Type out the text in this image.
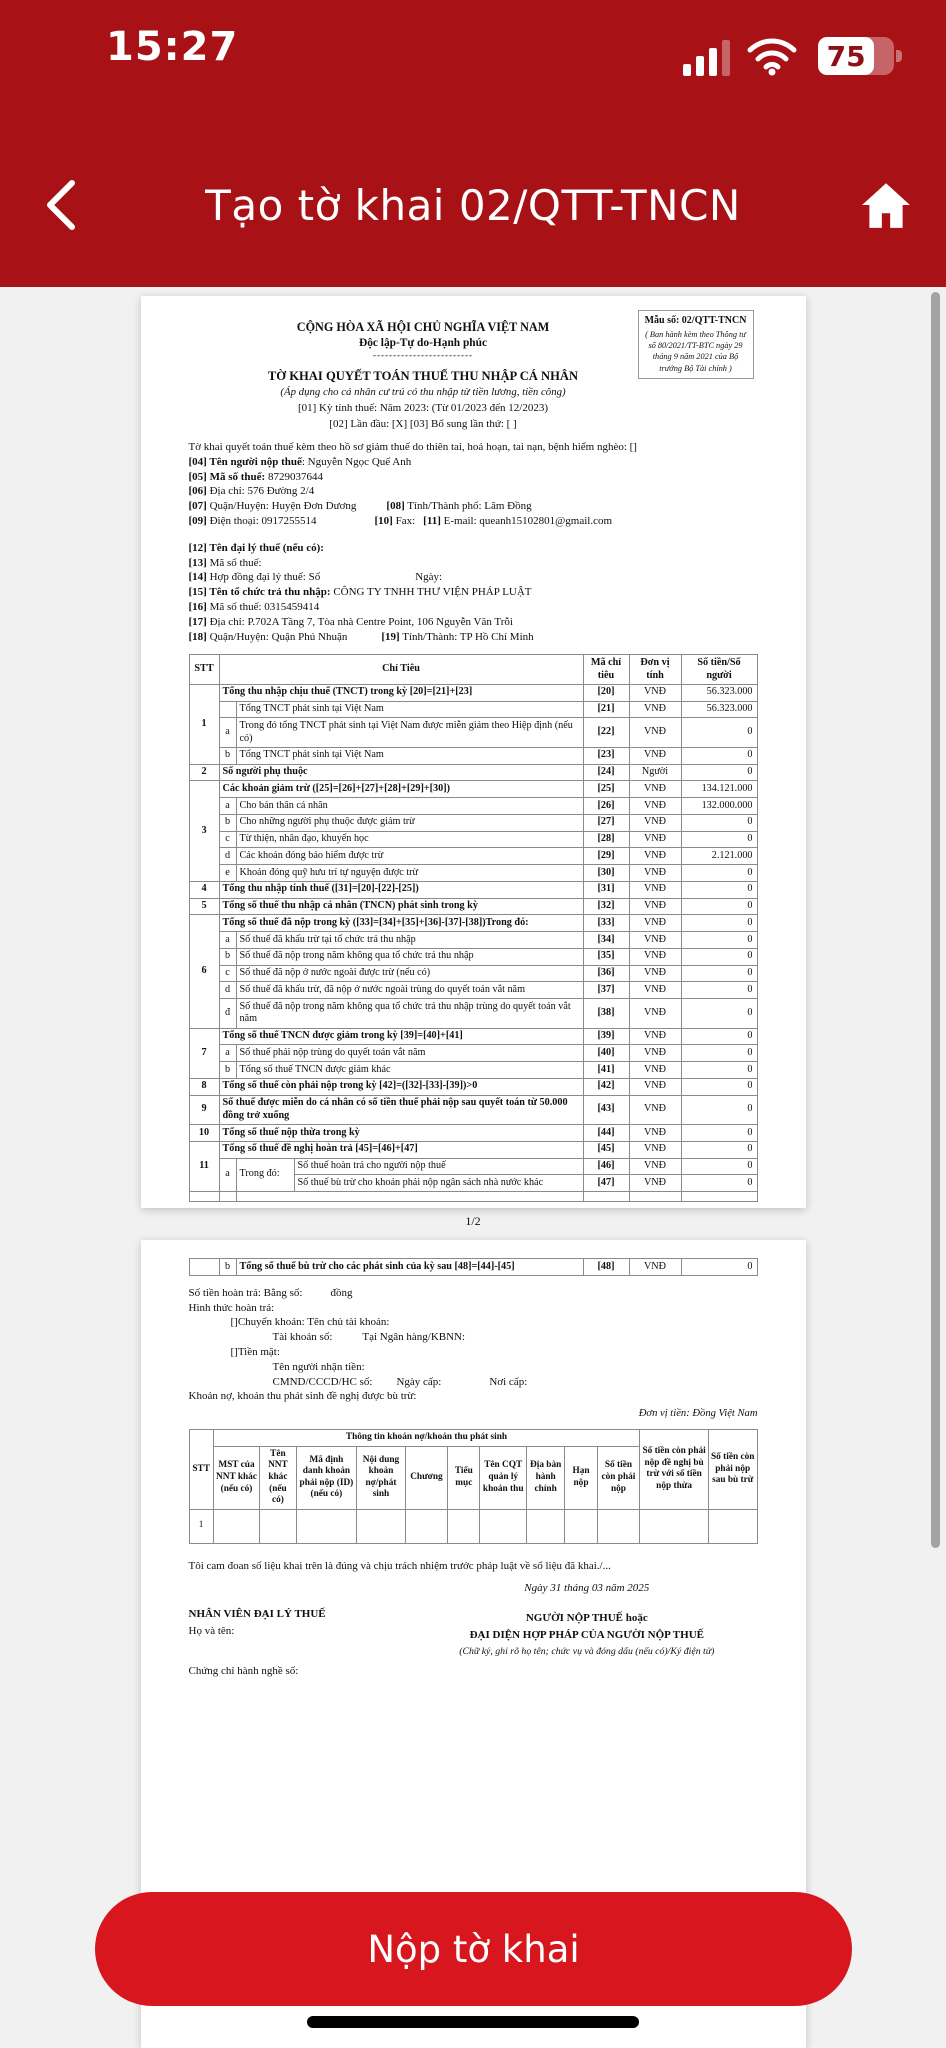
15:27	75
Tạo tờ khai 02/QTT-TNCN
Mẫu số: 02/QTT-TNCN
( Ban hành kèm theo Thông tư số 80/2021/TT-BTC ngày 29 tháng 9 năm 2021 của Bộ trưởng Bộ Tài chính )
CỘNG HÒA XÃ HỘI CHỦ NGHĨA VIỆT NAM
Độc lập-Tự do-Hạnh phúc
-------------------------
TỜ KHAI QUYẾT TOÁN THUẾ THU NHẬP CÁ NHÂN
(Áp dụng cho cá nhân cư trú có thu nhập từ tiền lương, tiền công)
[01] Kỳ tính thuế: Năm 2023: (Từ 01/2023 đến 12/2023)
[02] Lần đầu: [X] [03] Bổ sung lần thứ: [ ]
Tờ khai quyết toán thuế kèm theo hồ sơ giảm thuế do thiên tai, hoả hoạn, tai nạn, bệnh hiểm nghèo: []
[04] Tên người nộp thuế: Nguyễn Ngọc Quế Anh
[05] Mã số thuế: 8729037644
[06] Địa chỉ: 576 Đường 2/4
[07] Quận/Huyện: Huyện Đơn Dương	[08] Tỉnh/Thành phố: Lâm Đồng
[09] Điện thoại: 0917255514	[10] Fax: [11] E-mail: queanh15102801@gmail.com
[12] Tên đại lý thuế (nếu có):
[13] Mã số thuế:
[14] Hợp đồng đại lý thuế: Số	Ngày:
[15] Tên tổ chức trả thu nhập: CÔNG TY TNHH THƯ VIỆN PHÁP LUẬT
[16] Mã số thuế: 0315459414
[17] Địa chỉ: P.702A Tầng 7, Tòa nhà Centre Point, 106 Nguyễn Văn Trỗi
[18] Quận/Huyện: Quận Phú Nhuận	[19] Tỉnh/Thành: TP Hồ Chí Minh
STT	Chỉ Tiêu			Mã chỉ tiêu	Đơn vị tính	Số tiền/Số người
1	Tổng thu nhập chịu thuế (TNCT) trong kỳ [20]=[21]+[23]			[20]	VNĐ	56.323.000
		Tổng TNCT phát sinh tại Việt Nam		[21]	VNĐ	56.323.000
	a	Trong đó tổng TNCT phát sinh tại Việt Nam được miễn giảm theo Hiệp định (nếu có)		[22]	VNĐ	0
	b	Tổng TNCT phát sinh tại Việt Nam		[23]	VNĐ	0
2	Số người phụ thuộc			[24]	Người	0
3	Các khoản giảm trừ ([25]=[26]+[27]+[28]+[29]+[30])			[25]	VNĐ	134.121.000
	a	Cho bản thân cá nhân		[26]	VNĐ	132.000.000
	b	Cho những người phụ thuộc được giảm trừ		[27]	VNĐ	0
	c	Từ thiện, nhân đạo, khuyến học		[28]	VNĐ	0
	d	Các khoản đóng bảo hiểm được trừ		[29]	VNĐ	2.121.000
	e	Khoản đóng quỹ hưu trí tự nguyện được trừ		[30]	VNĐ	0
4	Tổng thu nhập tính thuế ([31]=[20]-[22]-[25])			[31]	VNĐ	0
5	Tổng số thuế thu nhập cá nhân (TNCN) phát sinh trong kỳ			[32]	VNĐ	0
6	Tổng số thuế đã nộp trong kỳ ([33]=[34]+[35]+[36]-[37]-[38])Trong đó:			[33]	VNĐ	0
	a	Số thuế đã khấu trừ tại tổ chức trả thu nhập		[34]	VNĐ	0
	b	Số thuế đã nộp trong năm không qua tổ chức trả thu nhập		[35]	VNĐ	0
	c	Số thuế đã nộp ở nước ngoài được trừ (nếu có)		[36]	VNĐ	0
	d	Số thuế đã khấu trừ, đã nộp ở nước ngoài trùng do quyết toán vắt năm		[37]	VNĐ	0
	đ	Số thuế đã nộp trong năm không qua tổ chức trả thu nhập trùng do quyết toán vắt năm		[38]	VNĐ	0
7	Tổng số thuế TNCN được giảm trong kỳ [39]=[40]+[41]			[39]	VNĐ	0
	a	Số thuế phải nộp trùng do quyết toán vắt năm		[40]	VNĐ	0
	b	Tổng số thuế TNCN được giảm khác		[41]	VNĐ	0
8	Tổng số thuế còn phải nộp trong kỳ [42]=([32]-[33]-[39])>0			[42]	VNĐ	0
9	Số thuế được miễn do cá nhân có số tiền thuế phải nộp sau quyết toán từ 50.000 đồng trở xuống			[43]	VNĐ	0
10	Tổng số thuế nộp thừa trong kỳ			[44]	VNĐ	0
11	Tổng số thuế đề nghị hoàn trả [45]=[46]+[47]			[45]	VNĐ	0
	a	Trong đó:	Số thuế hoàn trả cho người nộp thuế	[46]	VNĐ	0
			Số thuế bù trừ cho khoản phải nộp ngân sách nhà nước khác	[47]	VNĐ	0

1/2
	b	Tổng số thuế bù trừ cho các phát sinh của kỳ sau [48]=[44]-[45]	[48]	VNĐ	0
Số tiền hoàn trả: Bằng số:	đồng
Hình thức hoàn trả:
[]Chuyển khoản: Tên chủ tài khoản:
Tài khoản số:	Tại Ngân hàng/KBNN:
[]Tiền mặt:
Tên người nhận tiền:
CMND/CCCD/HC số: Ngày cấp:	Nơi cấp:
Khoản nợ, khoản thu phát sinh đề nghị được bù trừ:
Đơn vị tiền: Đồng Việt Nam
STT	Thông tin khoản nợ/khoản thu phát sinh										Số tiền còn phải nộp đề nghị bù trừ với số tiền nộp thừa	Số tiền còn phải nộp sau bù trừ
	MST của NNT khác (nếu có)	Tên NNT khác (nếu có)	Mã định danh khoản phải nộp (ID) (nếu có)	Nội dung khoản nợ/phát sinh	Chương	Tiểu mục	Tên CQT quản lý khoản thu	Địa bàn hành chính	Hạn nộp	Số tiền còn phải nộp		
1												
Tôi cam đoan số liệu khai trên là đúng và chịu trách nhiệm trước pháp luật về số liệu đã khai./...
NHÂN VIÊN ĐẠI LÝ THUẾ
Họ và tên:
Chứng chỉ hành nghề số:
Ngày 31 tháng 03 năm 2025
NGƯỜI NỘP THUẾ hoặc
ĐẠI DIỆN HỢP PHÁP CỦA NGƯỜI NỘP THUẾ
(Chữ ký, ghi rõ họ tên; chức vụ và đóng dấu (nếu có)/Ký điện tử)
Nộp tờ khai
